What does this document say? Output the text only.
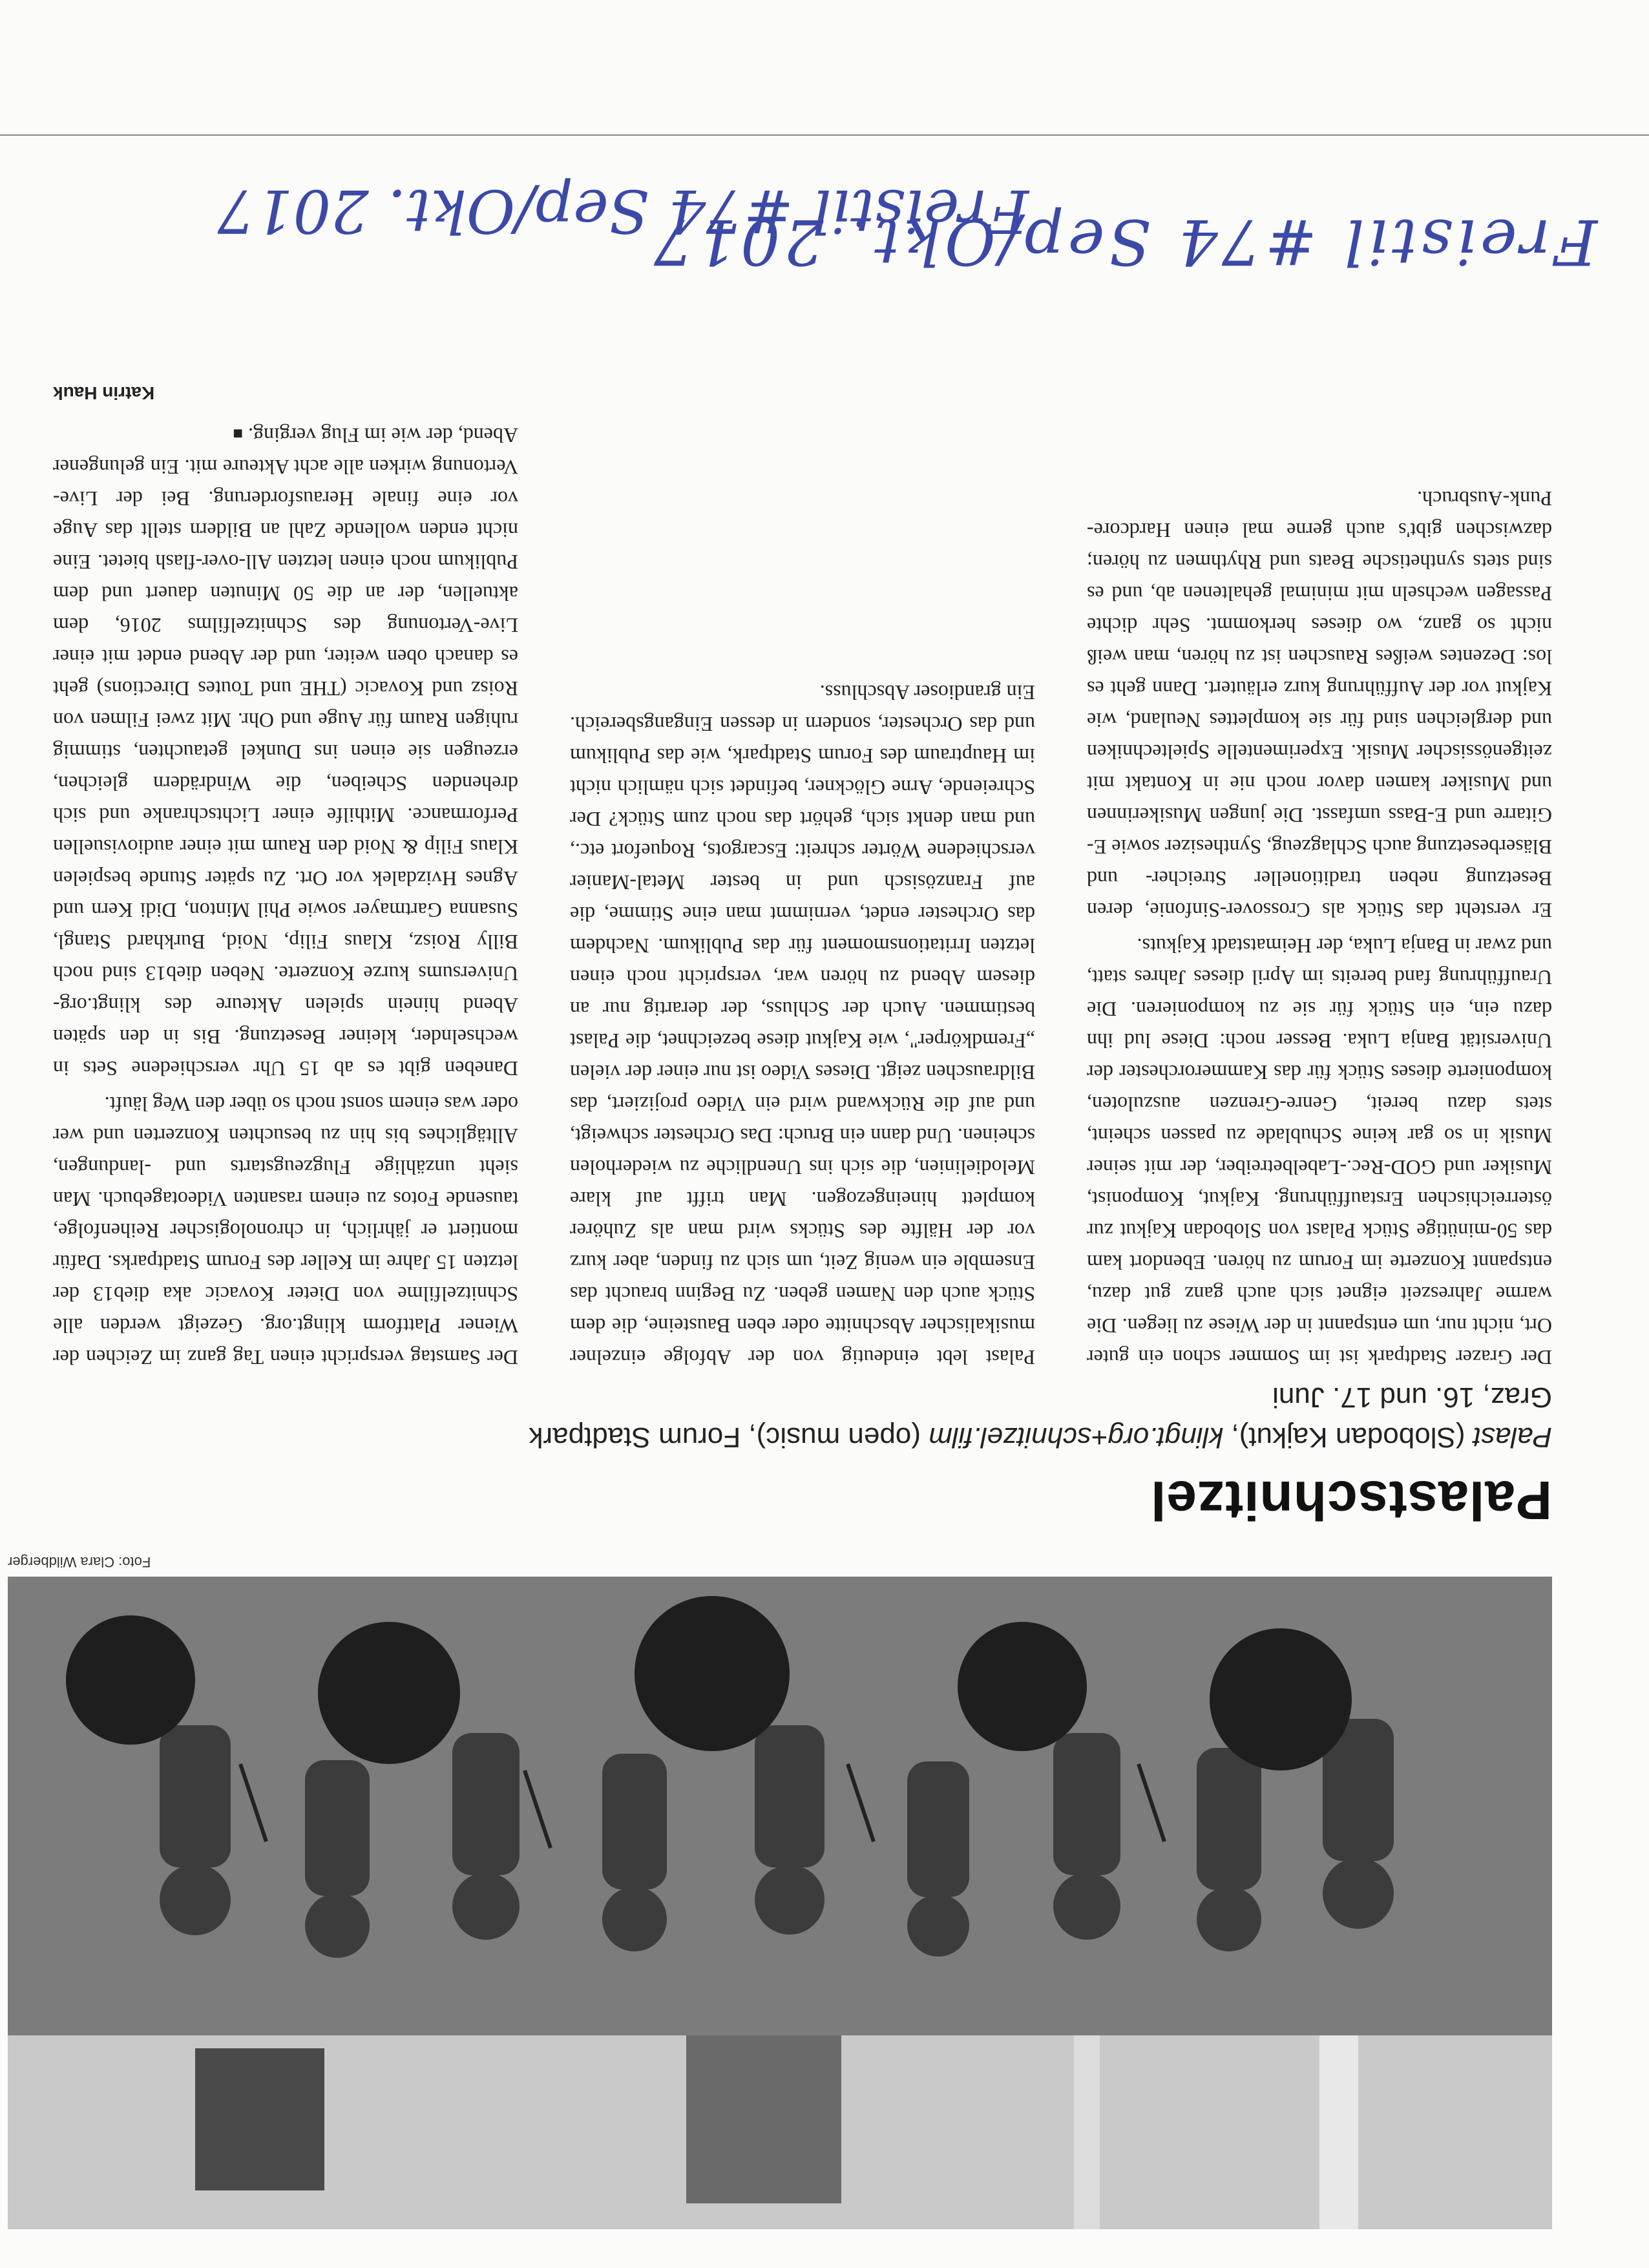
Freistil #74 Sep/Okt. 2017
Palastschnitzel
Palast (Slobodan Kajkut), klingt.org+schnitzel.film (open music), Forum Stadtpark Graz, 16. und 17. Juni
Foto: Clara Wildberger

Der Grazer Stadtpark ist im Sommer schon ein guter Ort, nicht nur, um entspannt in der Wiese zu liegen. Die warme Jahreszeit eignet sich auch ganz gut dazu, entspannt Konzerte im Forum zu hören. Ebendort kam das 50-minütige Stück Palast von Slobodan Kajkut zur österreichischen Erstaufführung. Kajkut, Komponist, Musiker und GOD-Rec.-Labelbetreiber, der mit seiner Musik in so gar keine Schublade zu passen scheint, stets dazu bereit, Genre-Grenzen auszuloten, komponierte dieses Stück für das Kammerorchester der Universität Banja Luka. Besser noch: Diese lud ihn dazu ein, ein Stück für sie zu komponieren. Die Uraufführung fand bereits im April dieses Jahres statt, und zwar in Banja Luka, der Heimatstadt Kajkuts.

Er versteht das Stück als Crossover-Sinfonie, deren Besetzung neben traditioneller Streicher- und Bläserbesetzung auch Schlagzeug, Synthesizer sowie E-Gitarre und E-Bass umfasst. Die jungen Musikerinnen und Musiker kamen davor noch nie in Kontakt mit zeitgenössischer Musik. Experimentelle Spieltechniken und dergleichen sind für sie komplettes Neuland, wie Kajkut vor der Aufführung kurz erläutert. Dann geht es los: Dezentes weißes Rauschen ist zu hören, man weiß nicht so ganz, wo dieses herkommt. Sehr dichte Passagen wechseln mit minimal gehaltenen ab, und es sind stets synthetische Beats und Rhythmen zu hören; dazwischen gibt's auch gerne mal einen Hardcore-Punk-Ausbruch.

Palast lebt eindeutig von der Abfolge einzelner musikalischer Abschnitte oder eben Bausteine, die dem Stück auch den Namen geben. Zu Beginn braucht das Ensemble ein wenig Zeit, um sich zu finden, aber kurz vor der Hälfte des Stücks wird man als Zuhörer komplett hineingezogen. Man trifft auf klare Melodielinien, die sich ins Unendliche zu wiederholen scheinen. Und dann ein Bruch: Das Orchester schweigt, und auf die Rückwand wird ein Video projiziert, das Bildrauschen zeigt. Dieses Video ist nur einer der vielen „Fremdkörper", wie Kajkut diese bezeichnet, die Palast bestimmen. Auch der Schluss, der derartig nur an diesem Abend zu hören war, verspricht noch einen letzten Irritationsmoment für das Publikum. Nachdem das Orchester endet, vernimmt man eine Stimme, die auf Französisch und in bester Metal-Manier verschiedene Wörter schreit: Escargots, Roquefort etc., und man denkt sich, gehört das noch zum Stück? Der Schreiende, Arne Glöckner, befindet sich nämlich nicht im Hauptraum des Forum Stadtpark, wie das Publikum und das Orchester, sondern in dessen Eingangsbereich. Ein grandioser Abschluss.

Der Samstag verspricht einen Tag ganz im Zeichen der Wiener Plattform klingt.org. Gezeigt werden alle Schnitzelfilme von Dieter Kovacic aka dieb13 der letzten 15 Jahre im Keller des Forum Stadtparks. Dafür montiert er jährlich, in chronologischer Reihenfolge, tausende Fotos zu einem rasanten Videotagebuch. Man sieht unzählige Flugzeugstarts und -landungen, Alltägliches bis hin zu besuchten Konzerten und wer oder was einem sonst noch so über den Weg läuft.

Daneben gibt es ab 15 Uhr verschiedene Sets in wechselnder, kleiner Besetzung. Bis in den späten Abend hinein spielen Akteure des klingt.org-Universums kurze Konzerte. Neben dieb13 sind noch Billy Roisz, Klaus Filip, Noid, Burkhard Stangl, Susanna Gartmayer sowie Phil Minton, Didi Kern und Agnes Hvizdalek vor Ort. Zu später Stunde bespielen Klaus Filip & Noid den Raum mit einer audiovisuellen Performance. Mithilfe einer Lichtschranke und sich drehenden Scheiben, die Windrädern gleichen, erzeugen sie einen ins Dunkel getauchten, stimmig ruhigen Raum für Auge und Ohr. Mit zwei Filmen von Roisz und Kovacic (THE und Toutes Directions) geht es danach oben weiter, und der Abend endet mit einer Live-Vertonung des Schnitzelfilms 2016, dem aktuellen, der an die 50 Minuten dauert und dem Publikum noch einen letzten All-over-flash bietet. Eine nicht enden wollende Zahl an Bildern stellt das Auge vor eine finale Herausforderung. Bei der Live-Vertonung wirken alle acht Akteure mit. Ein gelungener Abend, der wie im Flug verging. ■

Katrin Hauk

Freistil #74 Sep/Okt. 2017
